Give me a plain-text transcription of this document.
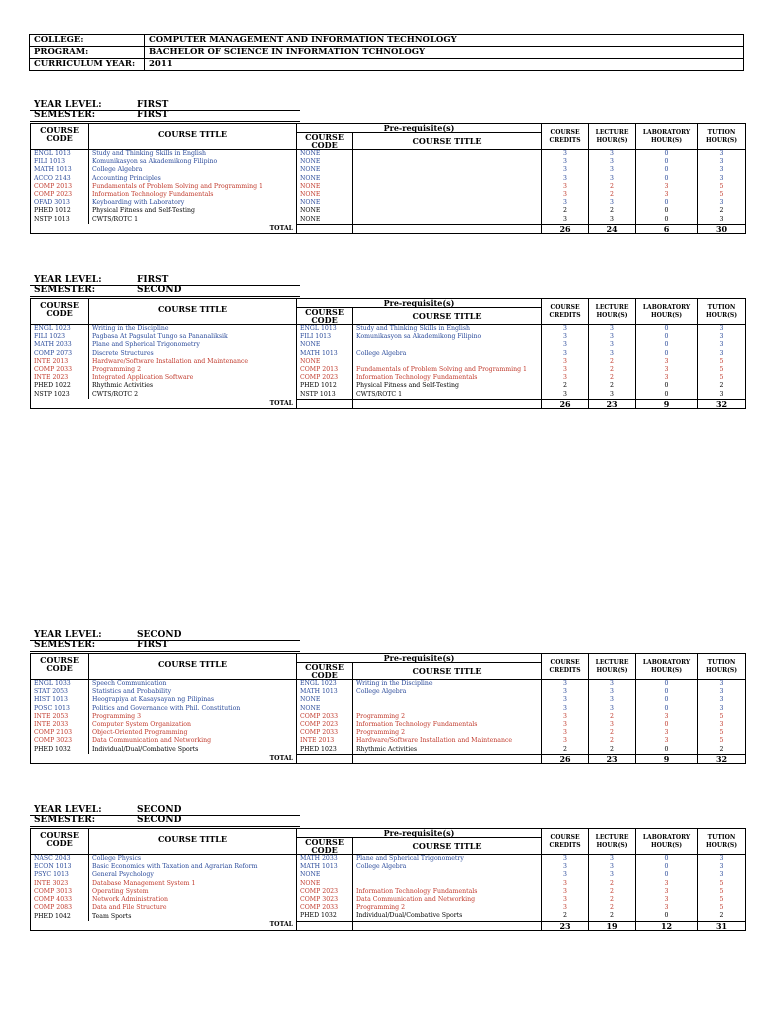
COLLEGE:	COMPUTER MANAGEMENT AND INFORMATION TECHNOLOGY
PROGRAM:	BACHELOR OF SCIENCE IN INFORMATION TCHNOLOGY
CURRICULUM YEAR:	2011
YEAR LEVEL:	FIRST
SEMESTER:	FIRST
COURSE CODE	COURSE TITLE	Pre-requisite(s)		COURSE CREDITS	LECTURE HOUR(S)	LABORATORY HOUR(S)	TUTION HOUR(S)
		COURSE CODE	COURSE TITLE				

ENGL 1013	Study and Thinking Skills in English	NONE		3	3	0	3
FILI 1013	Komunikasyon sa Akademikong Filipino	NONE		3	3	0	3
MATH 1013	College Algebra	NONE		3	3	0	3
ACCO 2143	Accounting Principles	NONE		3	3	0	3
COMP 2013	Fundamentals of Problem Solving and Programming 1	NONE		3	2	3	5
COMP 2023	Information Technology Fundamentals	NONE		3	2	3	5
OFAD 3013	Keyboarding with Laboratory	NONE		3	3	0	3
PHED 1012	Physical Fitness and Self-Testing	NONE		2	2	0	2
NSTP 1013	CWTS/ROTC 1	NONE		3	3	0	3
	TOTAL			26	24	6	30
YEAR LEVEL:	FIRST
SEMESTER:	SECOND
COURSE CODE	COURSE TITLE	Pre-requisite(s)		COURSE CREDITS	LECTURE HOUR(S)	LABORATORY HOUR(S)	TUTION HOUR(S)
		COURSE CODE	COURSE TITLE				

ENGL 1023	Writing in the Discipline	ENGL 1013	Study and Thinking Skills in English	3	3	0	3
FILI 1023	Pagbasa At Pagsulat Tungo sa Pananaliksik	FILI 1013	Komunikasyon sa Akademikong Filipino	3	3	0	3
MATH 2033	Plane and Spherical Trigonometry	NONE		3	3	0	3
COMP 2073	Discrete Structures	MATH 1013	College Algebra	3	3	0	3
INTE 2013	Hardware/Software Installation and Maintenance	NONE		3	2	3	5
COMP 2033	Programming 2	COMP 2013	Fundamentals of Problem Solving and Programming 1	3	2	3	5
INTE 2023	Integrated Application Software	COMP 2023	Information Technology Fundamentals	3	2	3	5
PHED 1022	Rhythmic Activities	PHED 1012	Physical Fitness and Self-Testing	2	2	0	2
NSTP 1023	CWTS/ROTC 2	NSTP 1013	CWTS/ROTC 1	3	3	0	3
	TOTAL			26	23	9	32
YEAR LEVEL:	SECOND
SEMESTER:	FIRST
COURSE CODE	COURSE TITLE	Pre-requisite(s)		COURSE CREDITS	LECTURE HOUR(S)	LABORATORY HOUR(S)	TUTION HOUR(S)
		COURSE CODE	COURSE TITLE				

ENGL 1033	Speech Communication	ENGL 1023	Writing in the Discipline	3	3	0	3
STAT 2053	Statistics and Probability	MATH 1013	College Algebra	3	3	0	3
HIST 1013	Heograpiya at Kasaysayan ng Pilipinas	NONE		3	3	0	3
POSC 1013	Politics and Governance with Phil. Constitution	NONE		3	3	0	3
INTE 2053	Programming 3	COMP 2033	Programming 2	3	2	3	5
INTE 2033	Computer System Organization	COMP 2023	Information Technology Fundamentals	3	3	0	3
COMP 2103	Object-Oriented Programming	COMP 2033	Programming 2	3	2	3	5
COMP 3023	Data Communication and Networking	INTE 2013	Hardware/Software Installation and Maintenance	3	2	3	5
PHED 1032	Individual/Dual/Combative Sports	PHED 1023	Rhythmic Activities	2	2	0	2
	TOTAL			26	23	9	32
YEAR LEVEL:	SECOND
SEMESTER:	SECOND
COURSE CODE	COURSE TITLE	Pre-requisite(s)		COURSE CREDITS	LECTURE HOUR(S)	LABORATORY HOUR(S)	TUTION HOUR(S)
		COURSE CODE	COURSE TITLE				

NASC 2043	College Physics	MATH 2033	Plane and Spherical Trigonometry	3	3	0	3
ECON 1013	Basic Economics with Taxation and Agrarian Reform	MATH 1013	College Algebra	3	3	0	3
PSYC 1013	General Psychology	NONE		3	3	0	3
INTE 3023	Database Management System 1	NONE		3	2	3	5
COMP 3013	Operating System	COMP 2023	Information Technology Fundamentals	3	2	3	5
COMP 4033	Network Administration	COMP 3023	Data Communication and Networking	3	2	3	5
COMP 2083	Data and File Structure	COMP 2033	Programming 2	3	2	3	5
PHED 1042	Team Sports	PHED 1032	Individual/Dual/Combative Sports	2	2	0	2
	TOTAL			23	19	12	31
